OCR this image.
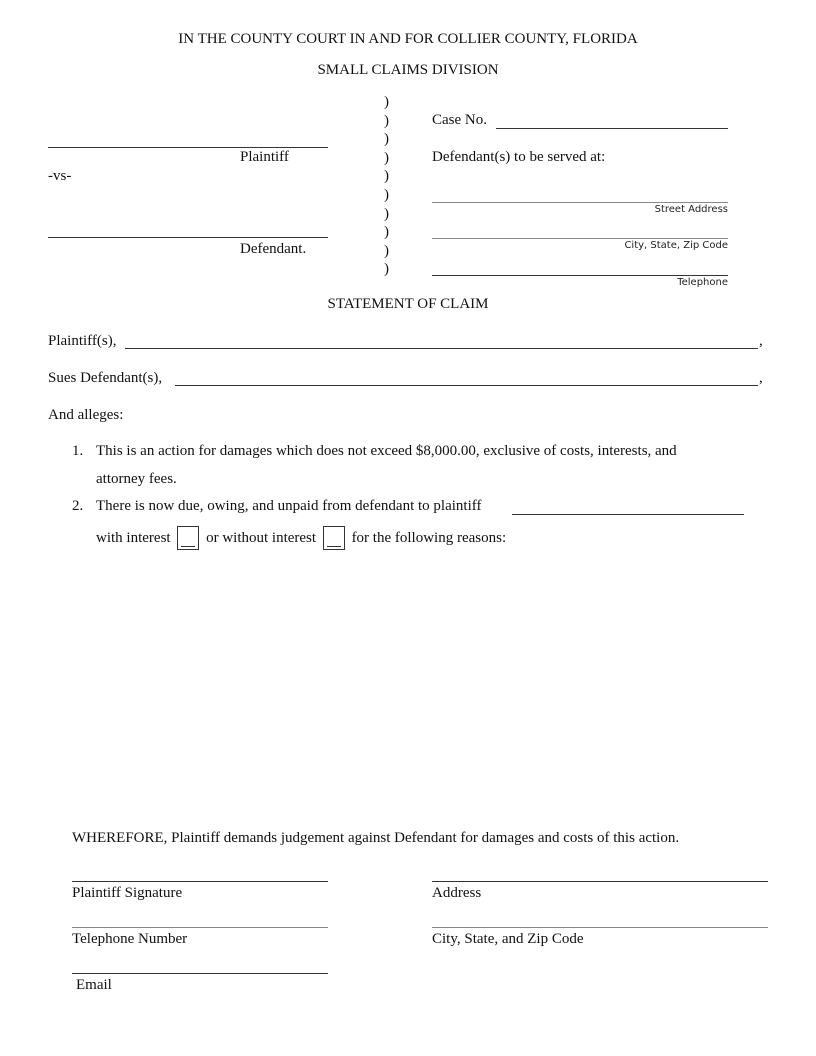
IN THE COUNTY COURT IN AND FOR COLLIER COUNTY, FLORIDA
SMALL CLAIMS DIVISION
Plaintiff
-vs-
Defendant.
)
)
)
)
)
)
)
)
)
)
Case No.
Defendant(s) to be served at:
Street Address
City, State, Zip Code
Telephone
STATEMENT OF CLAIM
Plaintiff(s),	,
Sues Defendant(s),	,
And alleges:
1. This is an action for damages which does not exceed $8,000.00, exclusive of costs, interests, and
attorney fees.
2. There is now due, owing, and unpaid from defendant to plaintiff
with interest or without interest for the following reasons:
WHEREFORE, Plaintiff demands judgement against Defendant for damages and costs of this action.
Plaintiff Signature	Address
Telephone Number	City, State, and Zip Code
Email
